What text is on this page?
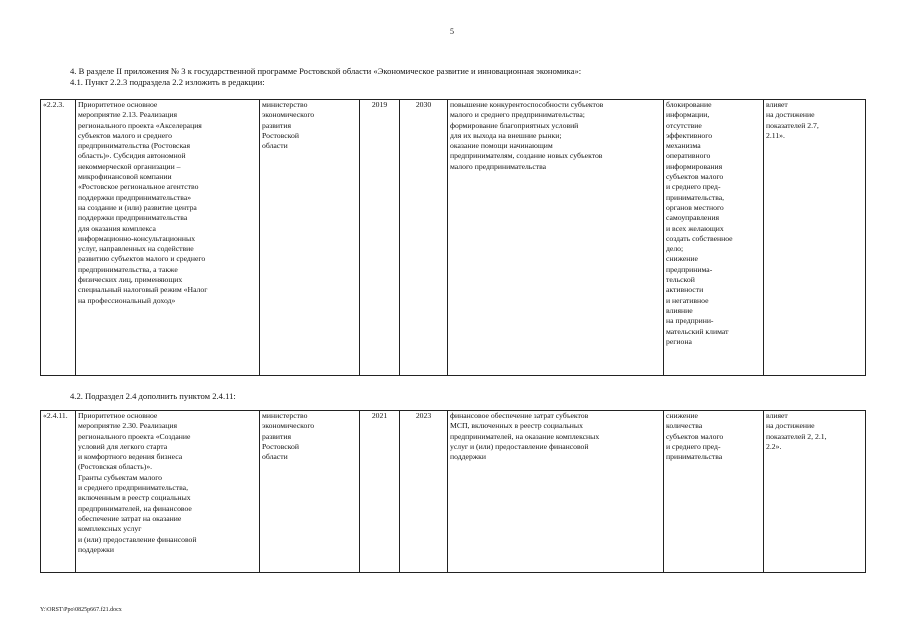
5
4. В разделе II приложения № 3 к государственной программе Ростовской области «Экономическое развитие и инновационная экономика»:
4.1. Пункт 2.2.3 подраздела 2.2 изложить в редакции:
«2.2.3.	Приоритетное основное
мероприятие 2.13. Реализация
регионального проекта «Акселерация
субъектов малого и среднего
предпринимательства (Ростовская
область)». Субсидия автономной
некоммерческой организации –
микрофинансовой компании
«Ростовское региональное агентство
поддержки предпринимательства»
на создание и (или) развитие центра
поддержки предпринимательства
для оказания комплекса
информационно-консультационных
услуг, направленных на содействие
развитию субъектов малого и среднего
предпринимательства, а также
физических лиц, применяющих
специальный налоговый режим «Налог
на профессиональный доход»	министерство
экономического
развития
Ростовской
области	2019	2030	повышение конкурентоспособности субъектов
малого и среднего предпринимательства;
формирование благоприятных условий
для их выхода на внешние рынки;
оказание помощи начинающим
предпринимателям, создание новых субъектов
малого предпринимательства	блокирование
информации,
отсутствие
эффективного
механизма
оперативного
информирования
субъектов малого
и среднего пред-
принимательства,
органов местного
самоуправления
и всех желающих
создать собственное
дело;
снижение
предпринима-
тельской
активности
и негативное
влияние
на предприни-
мательский климат
региона	влияет
на достижение
показателей 2.7,
2.11».
4.2. Подраздел 2.4 дополнить пунктом 2.4.11:
«2.4.11.	Приоритетное основное
мероприятие 2.30. Реализация
регионального проекта «Создание
условий для легкого старта
и комфортного ведения бизнеса
(Ростовская область)».
Гранты субъектам малого
и среднего предпринимательства,
включенным в реестр социальных
предпринимателей, на финансовое
обеспечение затрат на оказание
комплексных услуг
и (или) предоставление финансовой
поддержки	министерство
экономического
развития
Ростовской
области	2021	2023	финансовое обеспечение затрат субъектов
МСП, включенных в реестр социальных
предпринимателей, на оказание комплексных
услуг и (или) предоставление финансовой
поддержки	снижение
количества
субъектов малого
и среднего пред-
принимательства	влияет
на достижение
показателей 2, 2.1,
2.2».
Y:\ORST\Ppo\0825p667.f21.docx
